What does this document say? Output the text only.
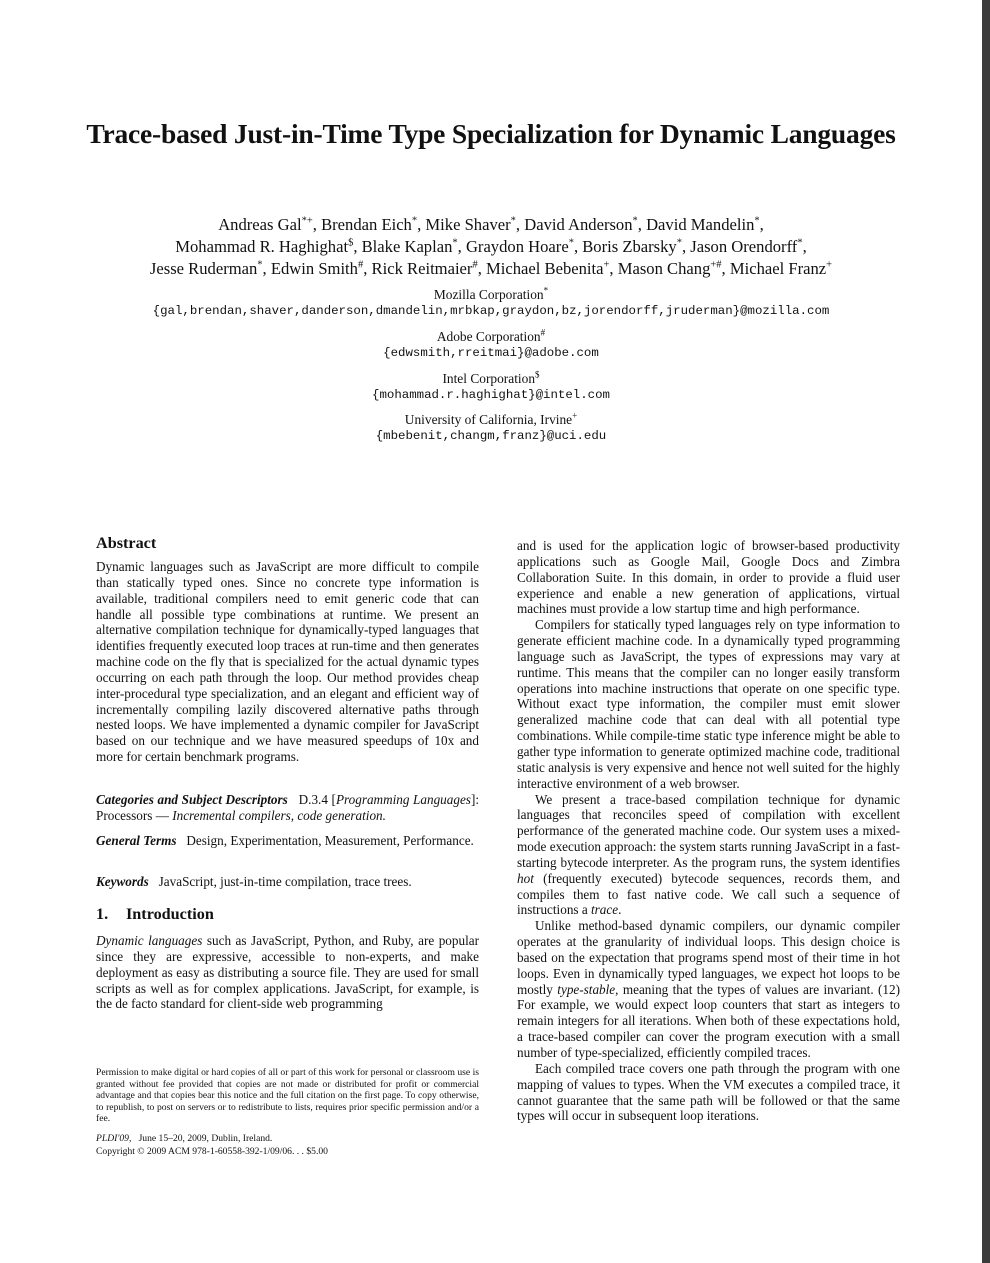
Trace-based Just-in-Time Type Specialization for Dynamic Languages
Andreas Gal*+, Brendan Eich*, Mike Shaver*, David Anderson*, David Mandelin*,
Mohammad R. Haghighat$, Blake Kaplan*, Graydon Hoare*, Boris Zbarsky*, Jason Orendorff*,
Jesse Ruderman*, Edwin Smith#, Rick Reitmaier#, Michael Bebenita+, Mason Chang+#, Michael Franz+
Mozilla Corporation*
{gal,brendan,shaver,danderson,dmandelin,mrbkap,graydon,bz,jorendorff,jruderman}@mozilla.com
Adobe Corporation#
{edwsmith,rreitmai}@adobe.com
Intel Corporation$
{mohammad.r.haghighat}@intel.com
University of California, Irvine+
{mbebenit,changm,franz}@uci.edu
Abstract
Dynamic languages such as JavaScript are more difficult to compile than statically typed ones. Since no concrete type information is available, traditional compilers need to emit generic code that can handle all possible type combinations at runtime. We present an alternative compilation technique for dynamically-typed languages that identifies frequently executed loop traces at run-time and then generates machine code on the fly that is specialized for the actual dynamic types occurring on each path through the loop. Our method provides cheap inter-procedural type specialization, and an elegant and efficient way of incrementally compiling lazily discovered alternative paths through nested loops. We have implemented a dynamic compiler for JavaScript based on our technique and we have measured speedups of 10x and more for certain benchmark programs.
Categories and Subject Descriptors D.3.4 [Programming Languages]: Processors — Incremental compilers, code generation.
General Terms Design, Experimentation, Measurement, Performance.
Keywords JavaScript, just-in-time compilation, trace trees.
1. Introduction
Dynamic languages such as JavaScript, Python, and Ruby, are popular since they are expressive, accessible to non-experts, and make deployment as easy as distributing a source file. They are used for small scripts as well as for complex applications. JavaScript, for example, is the de facto standard for client-side web programming
Permission to make digital or hard copies of all or part of this work for personal or classroom use is granted without fee provided that copies are not made or distributed for profit or commercial advantage and that copies bear this notice and the full citation on the first page. To copy otherwise, to republish, to post on servers or to redistribute to lists, requires prior specific permission and/or a fee.
PLDI'09,   June 15–20, 2009, Dublin, Ireland.
Copyright © 2009 ACM 978-1-60558-392-1/09/06. . . $5.00

and is used for the application logic of browser-based productivity applications such as Google Mail, Google Docs and Zimbra Collaboration Suite. In this domain, in order to provide a fluid user experience and enable a new generation of applications, virtual machines must provide a low startup time and high performance.

Compilers for statically typed languages rely on type information to generate efficient machine code. In a dynamically typed programming language such as JavaScript, the types of expressions may vary at runtime. This means that the compiler can no longer easily transform operations into machine instructions that operate on one specific type. Without exact type information, the compiler must emit slower generalized machine code that can deal with all potential type combinations. While compile-time static type inference might be able to gather type information to generate optimized machine code, traditional static analysis is very expensive and hence not well suited for the highly interactive environment of a web browser.

We present a trace-based compilation technique for dynamic languages that reconciles speed of compilation with excellent performance of the generated machine code. Our system uses a mixed-mode execution approach: the system starts running JavaScript in a fast-starting bytecode interpreter. As the program runs, the system identifies hot (frequently executed) bytecode sequences, records them, and compiles them to fast native code. We call such a sequence of instructions a trace.

Unlike method-based dynamic compilers, our dynamic compiler operates at the granularity of individual loops. This design choice is based on the expectation that programs spend most of their time in hot loops. Even in dynamically typed languages, we expect hot loops to be mostly type-stable, meaning that the types of values are invariant. (12) For example, we would expect loop counters that start as integers to remain integers for all iterations. When both of these expectations hold, a trace-based compiler can cover the program execution with a small number of type-specialized, efficiently compiled traces.

Each compiled trace covers one path through the program with one mapping of values to types. When the VM executes a compiled trace, it cannot guarantee that the same path will be followed or that the same types will occur in subsequent loop iterations.
